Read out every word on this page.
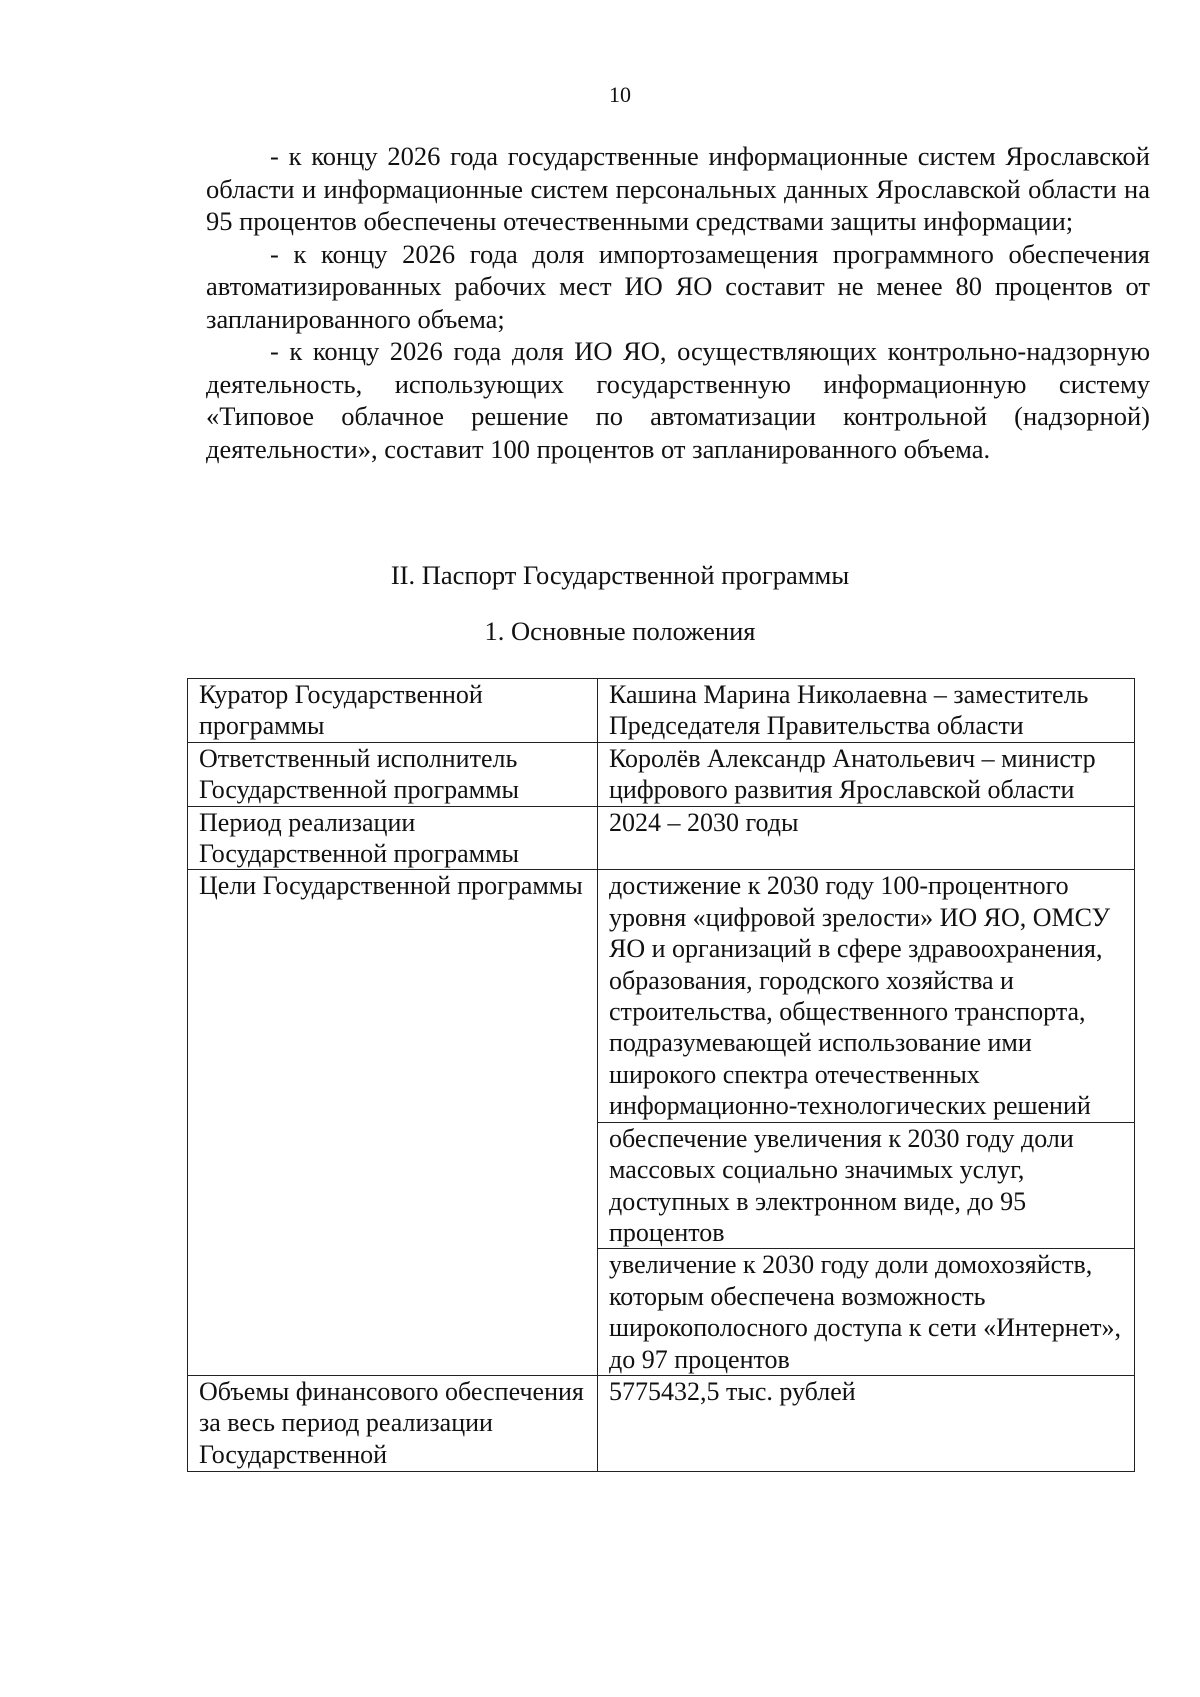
10

- к концу 2026 года государственные информационные систем Ярославской области и информационные систем персональных данных Ярославской области на 95 процентов обеспечены отечественными средствами защиты информации;

- к концу 2026 года доля импортозамещения программного обеспечения автоматизированных рабочих мест ИО ЯО составит не менее 80 процентов от запланированного объема;

- к концу 2026 года доля ИО ЯО, осуществляющих контрольно-надзорную деятельность, использующих государственную информационную систему «Типовое облачное решение по автоматизации контрольной (надзорной) деятельности», составит 100 процентов от запланированного объема.

II. Паспорт Государственной программы
1. Основные положения
Куратор Государственной программы	Кашина Марина Николаевна – заместитель Председателя Правительства области
Ответственный исполнитель Государственной программы	Королёв Александр Анатольевич – министр цифрового развития Ярославской области
Период реализации Государственной программы	2024 – 2030 годы
Цели Государственной программы	достижение к 2030 году 100-процентного уровня «цифровой зрелости» ИО ЯО, ОМСУ ЯО и организаций в сфере здравоохранения, образования, городского хозяйства и строительства, общественного транспорта, подразумевающей использование ими широкого спектра отечественных информационно-технологических решений
	обеспечение увеличения к 2030 году доли массовых социально значимых услуг, доступных в электронном виде, до 95 процентов
	увеличение к 2030 году доли домохозяйств, которым обеспечена возможность широкополосного доступа к сети «Интернет», до 97 процентов
Объемы финансового обеспечения за весь период реализации Государственной	5775432,5 тыс. рублей
